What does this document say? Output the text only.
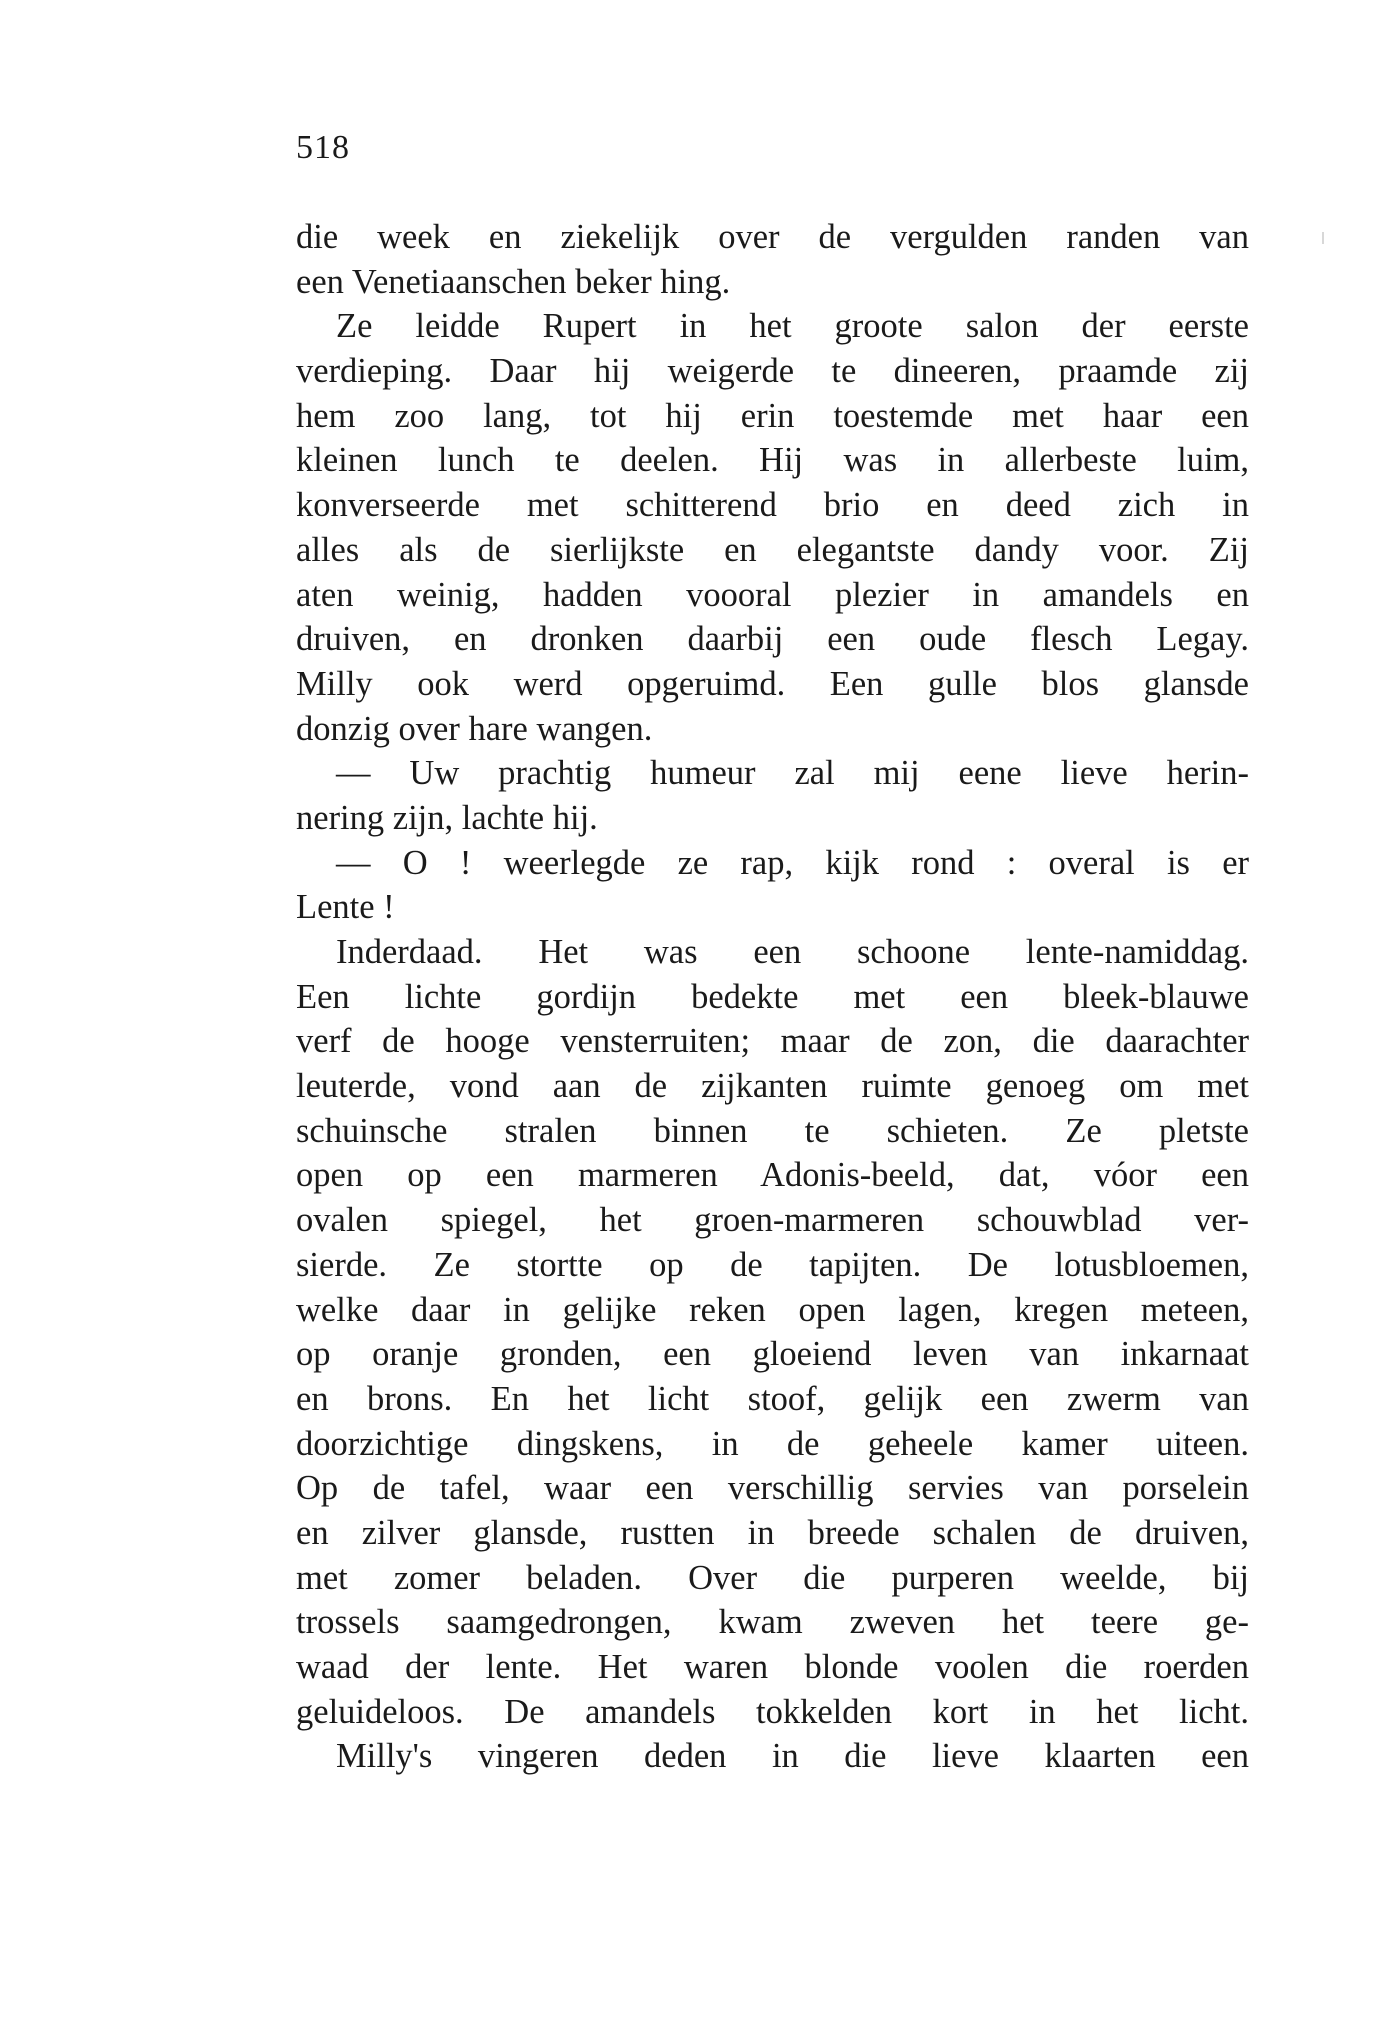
518
die week en ziekelijk over de vergulden randen van
een Venetiaanschen beker hing.
Ze leidde Rupert in het groote salon der eerste
verdieping. Daar hij weigerde te dineeren, praamde zij
hem zoo lang, tot hij erin toestemde met haar een
kleinen lunch te deelen. Hij was in allerbeste luim,
konverseerde met schitterend brio en deed zich in
alles als de sierlijkste en elegantste dandy voor. Zij
aten weinig, hadden voooral plezier in amandels en
druiven, en dronken daarbij een oude flesch Legay.
Milly ook werd opgeruimd. Een gulle blos glansde
donzig over hare wangen.
— Uw prachtig humeur zal mij eene lieve herin-
nering zijn, lachte hij.
— O ! weerlegde ze rap, kijk rond : overal is er
Lente !
Inderdaad. Het was een schoone lente-namiddag.
Een lichte gordijn bedekte met een bleek-blauwe
verf de hooge vensterruiten; maar de zon, die daarachter
leuterde, vond aan de zijkanten ruimte genoeg om met
schuinsche stralen binnen te schieten. Ze pletste
open op een marmeren Adonis-beeld, dat, vóor een
ovalen spiegel, het groen-marmeren schouwblad ver-
sierde. Ze stortte op de tapijten. De lotusbloemen,
welke daar in gelijke reken open lagen, kregen meteen,
op oranje gronden, een gloeiend leven van inkarnaat
en brons. En het licht stoof, gelijk een zwerm van
doorzichtige dingskens, in de geheele kamer uiteen.
Op de tafel, waar een verschillig servies van porselein
en zilver glansde, rustten in breede schalen de druiven,
met zomer beladen. Over die purperen weelde, bij
trossels saamgedrongen, kwam zweven het teere ge-
waad der lente. Het waren blonde voolen die roerden
geluideloos. De amandels tokkelden kort in het licht.
Milly's vingeren deden in die lieve klaarten een
